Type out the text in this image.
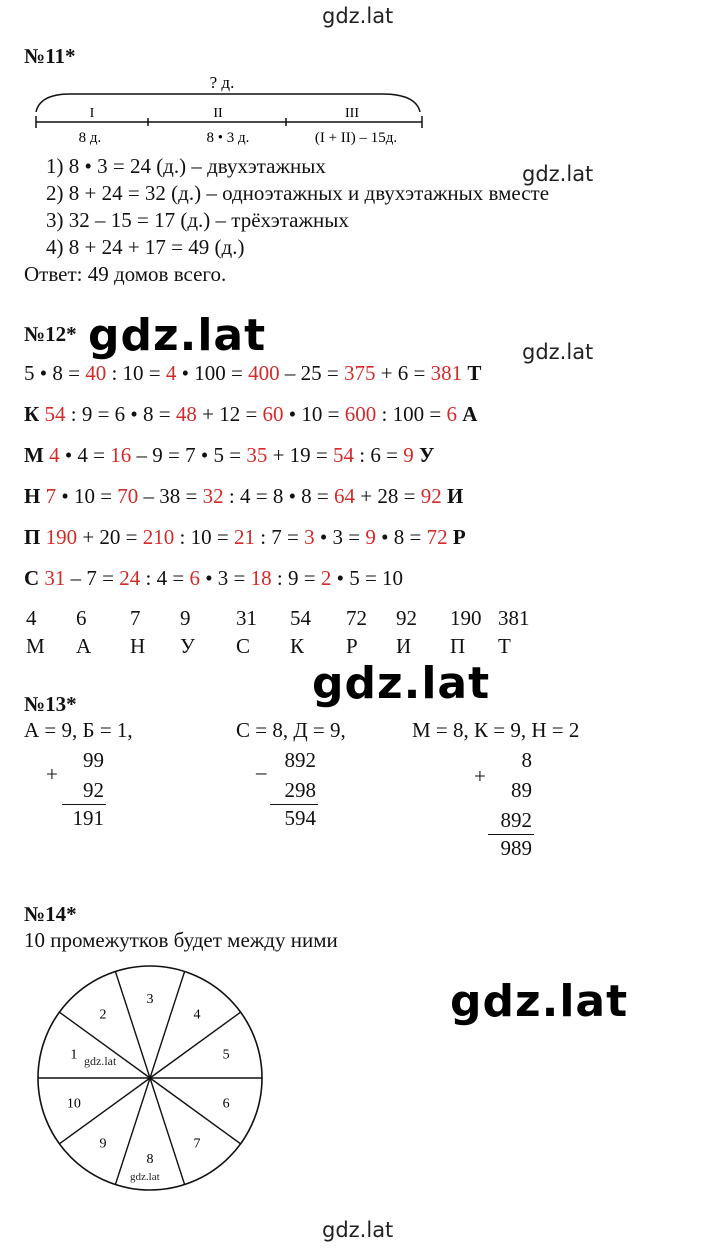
gdz.lat
gdz.lat
gdz.lat	gdz.lat
gdz.lat
gdz.lat
gdz.lat
№11*
? д.
I	II	III
8 д.	8 • 3 д.	(I + II) – 15д.
1) 8 • 3 = 24 (д.) – двухэтажных
2) 8 + 24 = 32 (д.) – одноэтажных и двухэтажных вместе
3) 32 – 15 = 17 (д.) – трёхэтажных
4) 8 + 24 + 17 = 49 (д.)
Ответ: 49 домов всего.
№12*
5 • 8 = 40 : 10 = 4 • 100 = 400 – 25 = 375 + 6 = 381 Т
К 54 : 9 = 6 • 8 = 48 + 12 = 60 • 10 = 600 : 100 = 6 А
М 4 • 4 = 16 – 9 = 7 • 5 = 35 + 19 = 54 : 6 = 9 У
Н 7 • 10 = 70 – 38 = 32 : 4 = 8 • 8 = 64 + 28 = 92 И
П 190 + 20 = 210 : 10 = 21 : 7 = 3 • 3 = 9 • 8 = 72 Р
С 31 – 7 = 24 : 4 = 6 • 3 = 18 : 9 = 2 • 5 = 10
4 6 7 9 31 54 72 92 190 381
М А Н У С К Р И П Т
№13*
А = 9, Б = 1,	С = 8, Д = 9,	М = 8, К = 9, Н = 2
+
99
92
191
– 892
298
594
+
8
89
892
989
№14*
10 промежутков будет между ними
1
2
3
4
5
6
7
8
9
10
gdz.lat
gdz.lat
